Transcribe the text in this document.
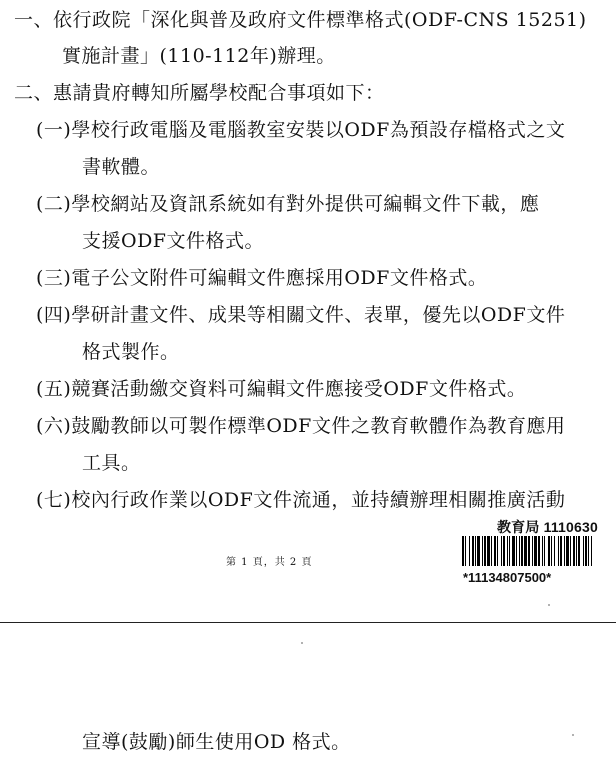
一、依行政院「深化與普及政府文件標準格式(ODF-CNS 15251)
實施計畫」(110-112年)辦理。
二、惠請貴府轉知所屬學校配合事項如下：
(一)學校行政電腦及電腦教室安裝以ODF為預設存檔格式之文
書軟體。
(二)學校網站及資訊系統如有對外提供可編輯文件下載，應
支援ODF文件格式。
(三)電子公文附件可編輯文件應採用ODF文件格式。
(四)學研計畫文件、成果等相關文件、表單，優先以ODF文件
格式製作。
(五)競賽活動繳交資料可編輯文件應接受ODF文件格式。
(六)鼓勵教師以可製作標準ODF文件之教育軟體作為教育應用
工具。
(七)校內行政作業以ODF文件流通，並持續辦理相關推廣活動
教育局 1110630
*11134807500*
第 1 頁，共 2 頁
宣導(鼓勵)師生使用OD 格式。
